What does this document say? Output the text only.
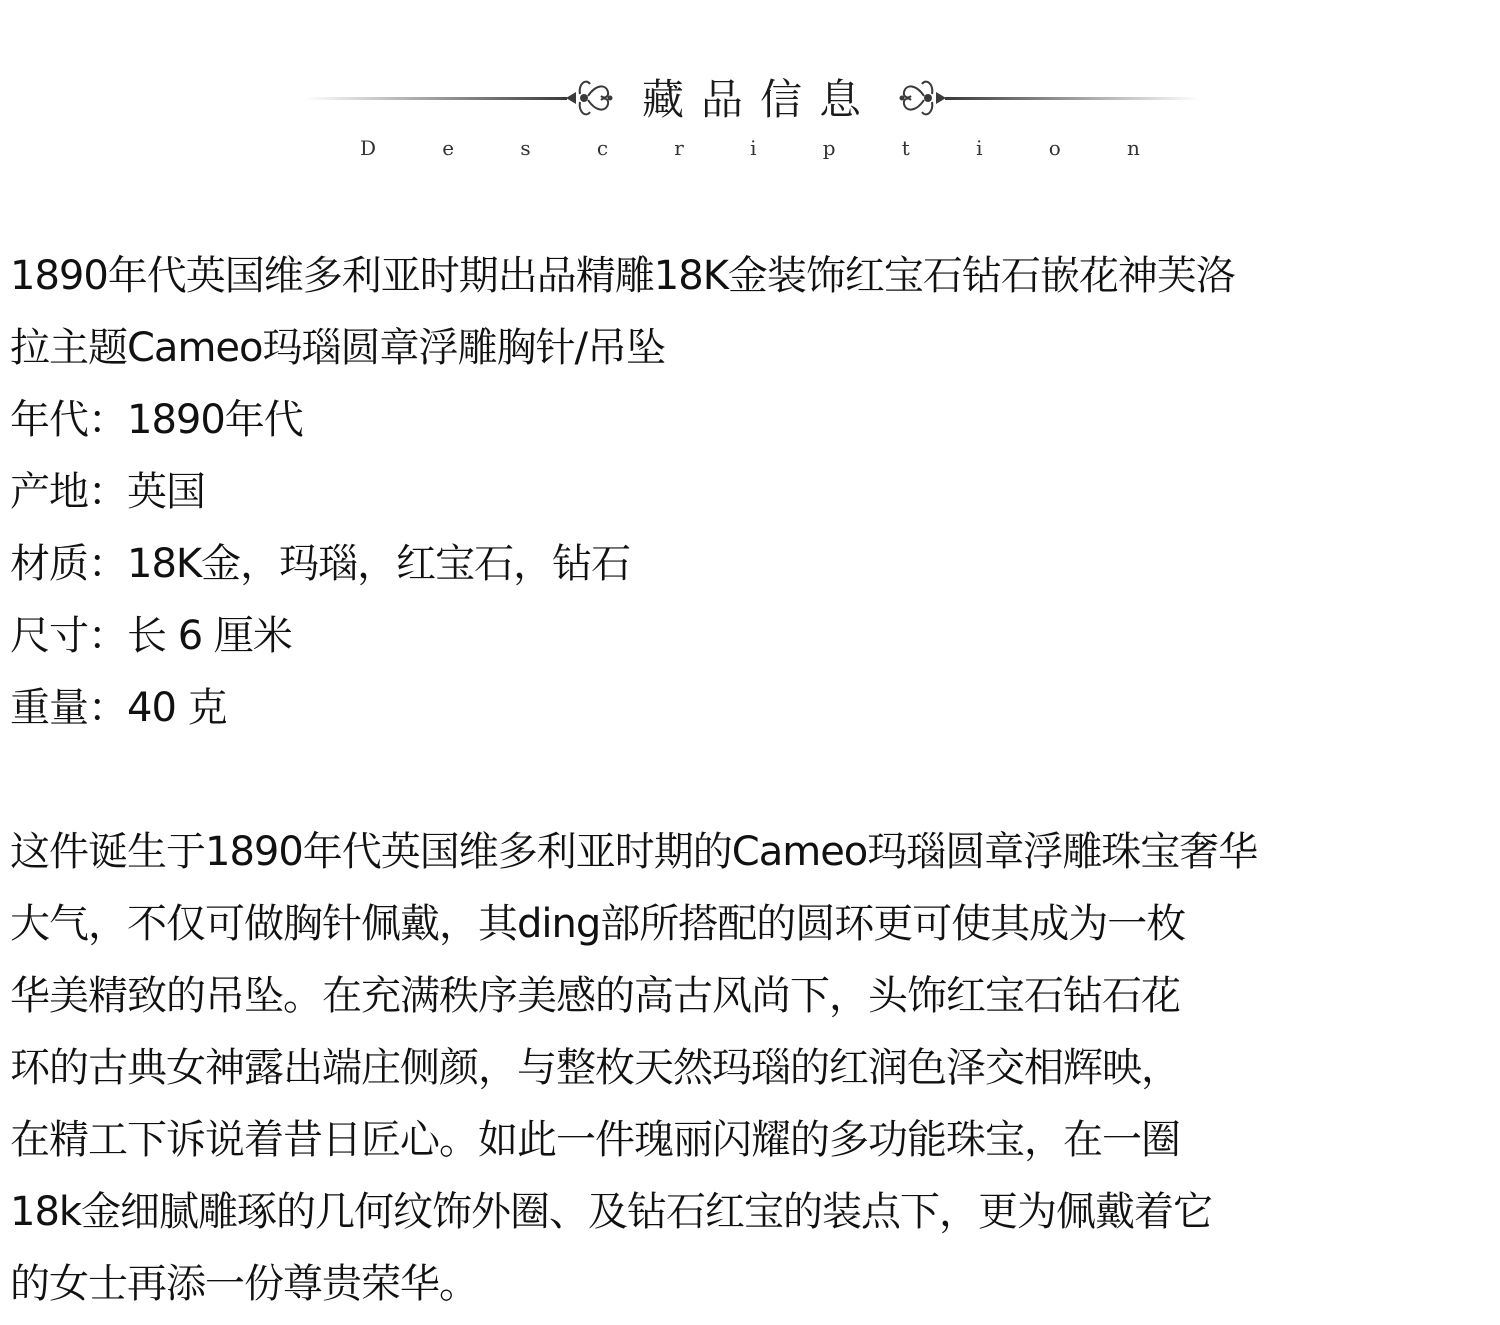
藏品信息
D	e	s	c	r	i	p	t	i	o	n

1890年代英国维多利亚时期出品精雕18K金装饰红宝石钻石嵌花神芙洛

拉主题Cameo玛瑙圆章浮雕胸针/吊坠

年代：1890年代

产地：英国

材质：18K金，玛瑙，红宝石，钻石

尺寸：长 6 厘米

重量：40 克

这件诞生于1890年代英国维多利亚时期的Cameo玛瑙圆章浮雕珠宝奢华

大气，不仅可做胸针佩戴，其ding部所搭配的圆环更可使其成为一枚

华美精致的吊坠。在充满秩序美感的高古风尚下，头饰红宝石钻石花

环的古典女神露出端庄侧颜，与整枚天然玛瑙的红润色泽交相辉映，

在精工下诉说着昔日匠心。如此一件瑰丽闪耀的多功能珠宝，在一圈

18k金细腻雕琢的几何纹饰外圈、及钻石红宝的装点下，更为佩戴着它

的女士再添一份尊贵荣华。
